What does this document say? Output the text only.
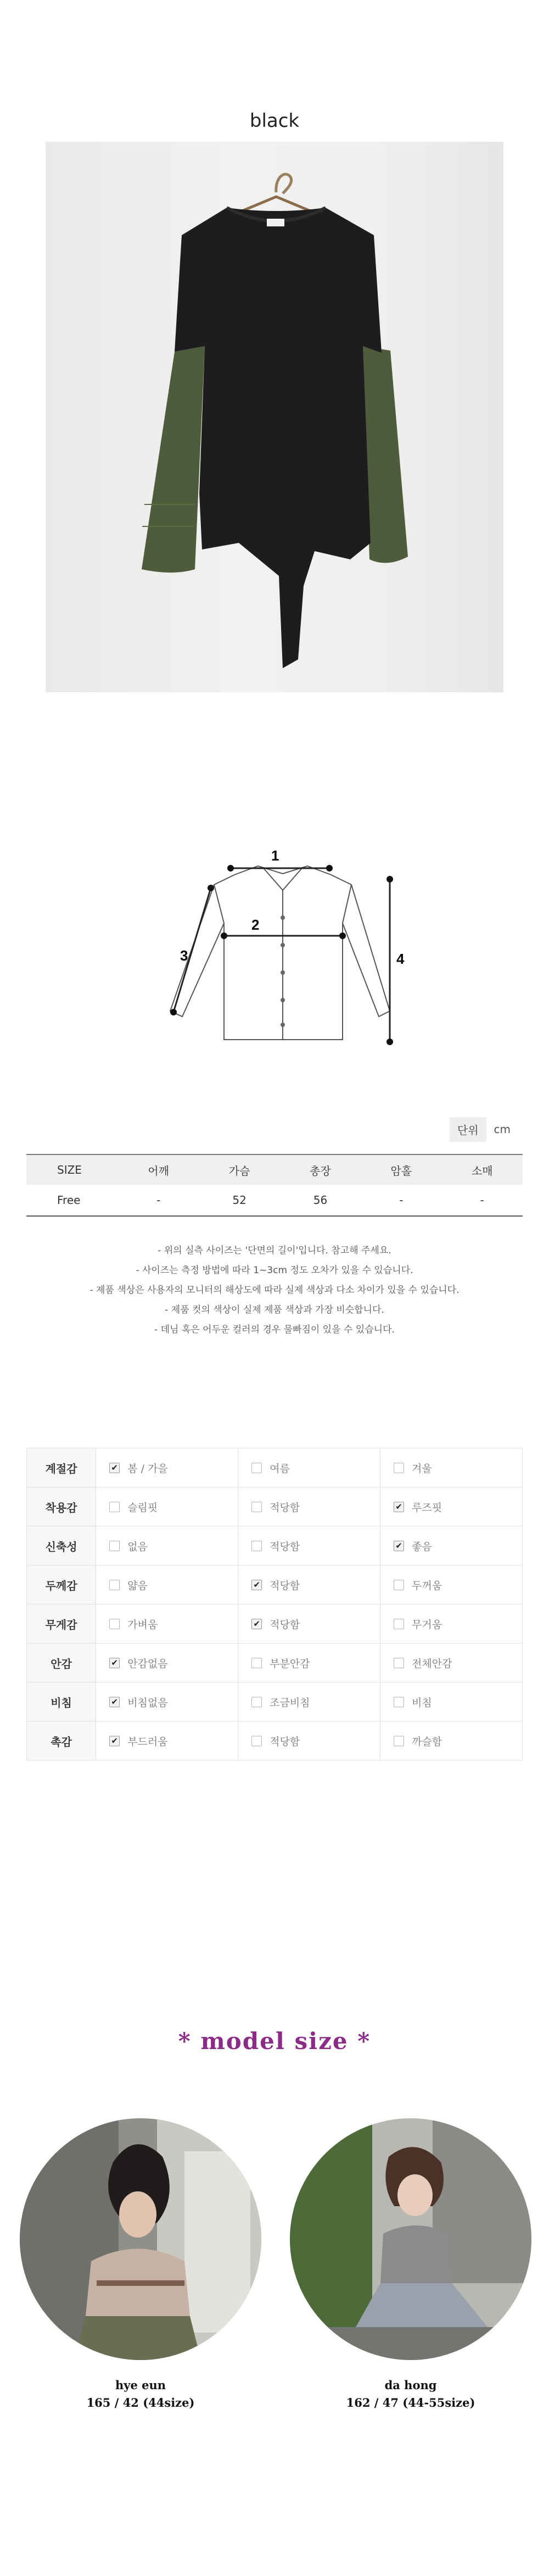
black
1
2
3	4
단위	cm
SIZE	어깨	가슴	총장	암홀	소매
Free	-	52	56	-	-
- 위의 실측 사이즈는 '단면의 길이'입니다. 참고해 주세요.
- 사이즈는 측정 방법에 따라 1~3cm 정도 오차가 있을 수 있습니다.
- 제품 색상은 사용자의 모니터의 해상도에 따라 실제 색상과 다소 차이가 있을 수 있습니다.
- 제품 컷의 색상이 실제 제품 색상과 가장 비슷합니다.
- 데님 혹은 어두운 컬러의 경우 물빠짐이 있을 수 있습니다.
계절감	✔봄 / 가을	여름	겨울
착용감	슬림핏	적당함	✔루즈핏
신축성	없음	적당함	✔좋음
두께감	얇음	✔적당함	두꺼움
무게감	가벼움	✔적당함	무거움
안감	✔안감없음	부분안감	전체안감
비침	✔비침없음	조금비침	비침
촉감	✔부드러움	적당함	까슬함
* model size *
hye eun
165 / 42 (44size)
da hong
162 / 47 (44-55size)
